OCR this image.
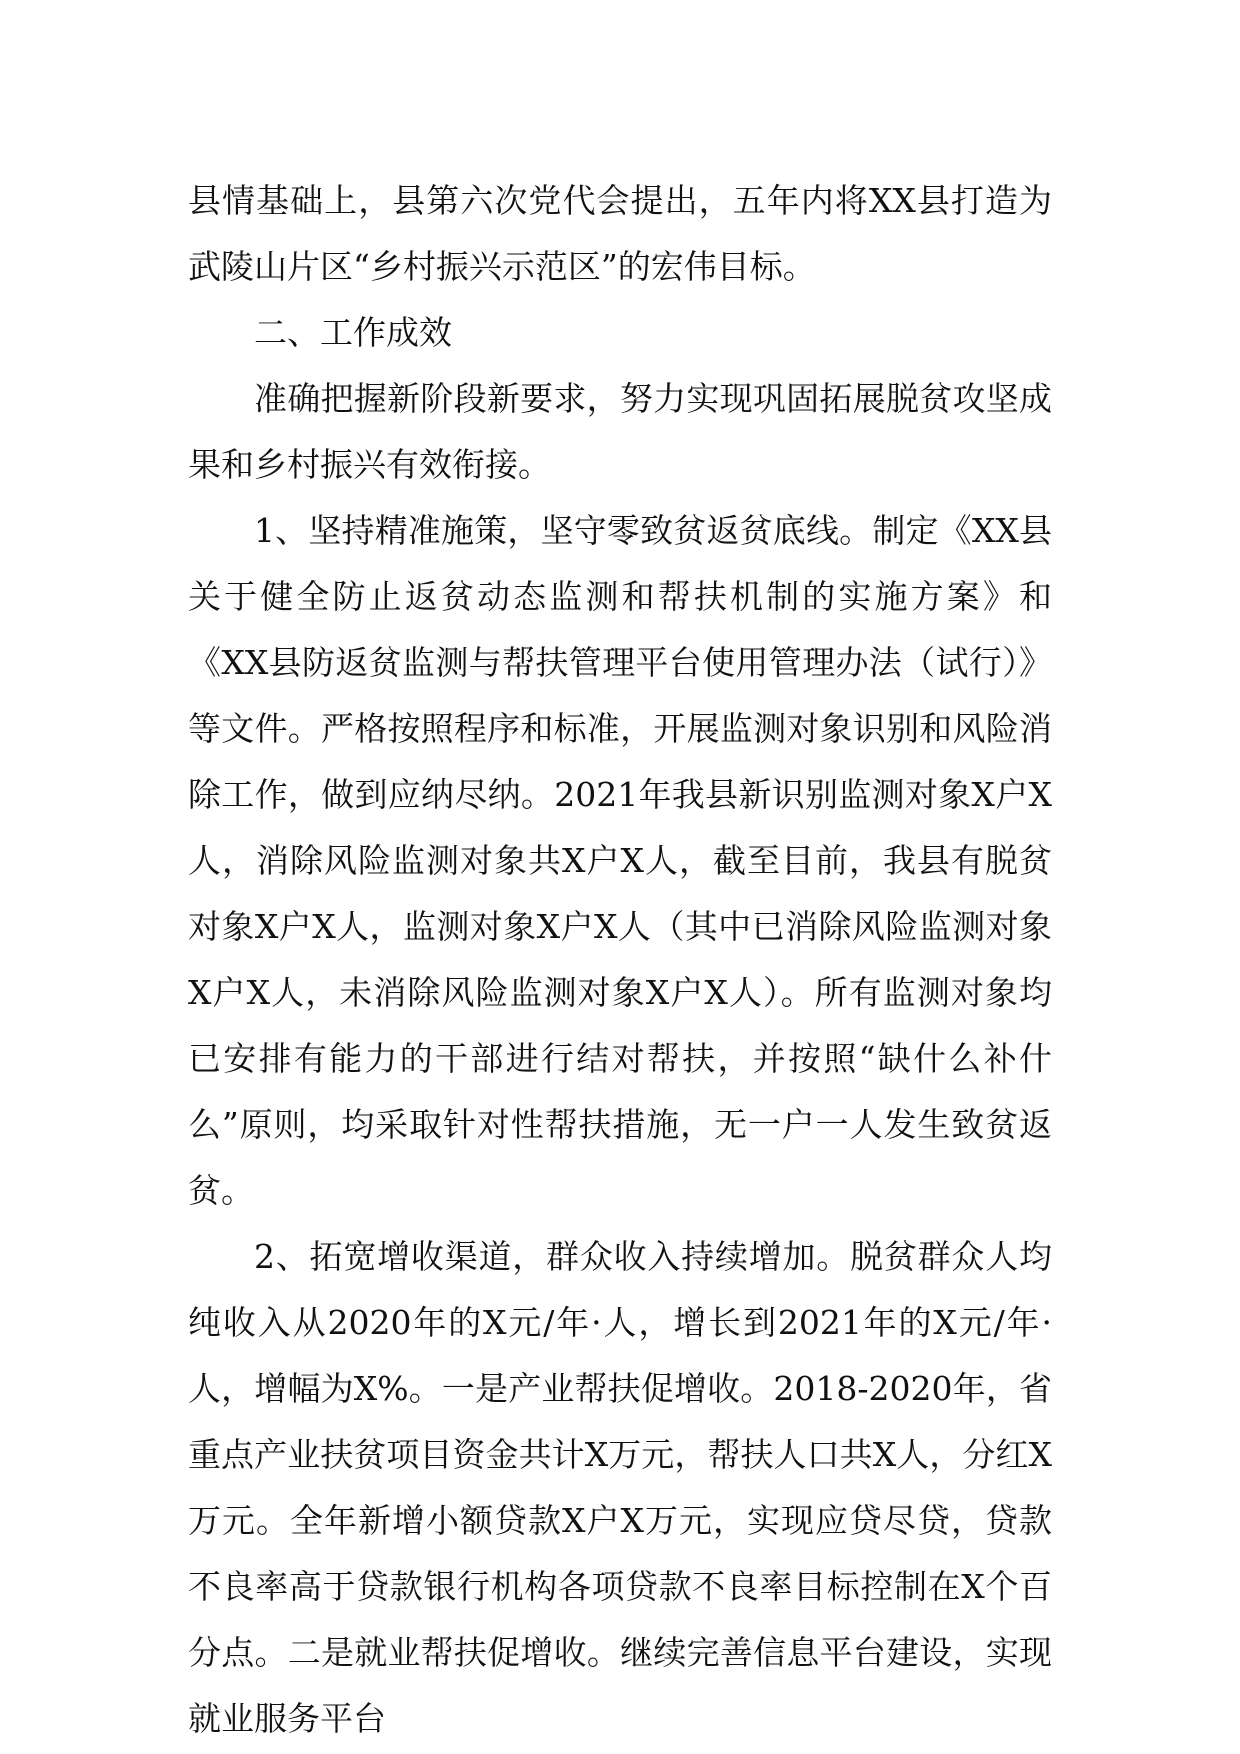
县情基础上，县第六次党代会提出，五年内将XX县打造为武陵山片区“乡村振兴示范区”的宏伟目标。

二、工作成效

准确把握新阶段新要求，努力实现巩固拓展脱贫攻坚成果和乡村振兴有效衔接。

1、坚持精准施策，坚守零致贫返贫底线。制定《XX县关于健全防止返贫动态监测和帮扶机制的实施方案》和《XX县防返贫监测与帮扶管理平台使用管理办法（试行）》等文件。严格按照程序和标准，开展监测对象识别和风险消除工作，做到应纳尽纳。2021年我县新识别监测对象X户X人，消除风险监测对象共X户X人，截至目前，我县有脱贫对象X户X人，监测对象X户X人（其中已消除风险监测对象X户X人，未消除风险监测对象X户X人）。所有监测对象均已安排有能力的干部进行结对帮扶，并按照“缺什么补什么”原则，均采取针对性帮扶措施，无一户一人发生致贫返贫。

2、拓宽增收渠道，群众收入持续增加。脱贫群众人均纯收入从2020年的X元/年·人，增长到2021年的X元/年·人，增幅为X%。一是产业帮扶促增收。2018-2020年，省重点产业扶贫项目资金共计X万元，帮扶人口共X人，分红X万元。全年新增小额贷款X户X万元，实现应贷尽贷，贷款不良率高于贷款银行机构各项贷款不良率目标控制在X个百分点。二是就业帮扶促增收。继续完善信息平台建设，实现就业服务平台
